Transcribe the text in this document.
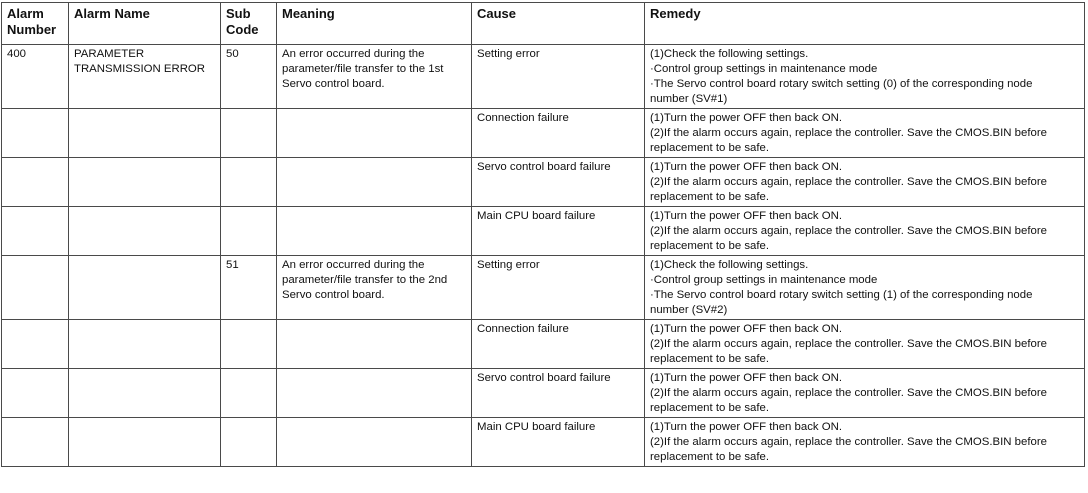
Alarm
Number	Alarm Name	Sub
Code	Meaning	Cause	Remedy
400	PARAMETER
TRANSMISSION ERROR	50	An error occurred during the
parameter/file transfer to the 1st
Servo control board.	Setting error	(1)Check the following settings.
·Control group settings in maintenance mode
·The Servo control board rotary switch setting (0) of the corresponding node
number (SV#1)

				Connection failure	(1)Turn the power OFF then back ON.
(2)If the alarm occurs again, replace the controller. Save the CMOS.BIN before
replacement to be safe.

				Servo control board failure	(1)Turn the power OFF then back ON.
(2)If the alarm occurs again, replace the controller. Save the CMOS.BIN before
replacement to be safe.

				Main CPU board failure	(1)Turn the power OFF then back ON.
(2)If the alarm occurs again, replace the controller. Save the CMOS.BIN before
replacement to be safe.

		51	An error occurred during the
parameter/file transfer to the 2nd
Servo control board.	Setting error	(1)Check the following settings.
·Control group settings in maintenance mode
·The Servo control board rotary switch setting (1) of the corresponding node
number (SV#2)

				Connection failure	(1)Turn the power OFF then back ON.
(2)If the alarm occurs again, replace the controller. Save the CMOS.BIN before
replacement to be safe.

				Servo control board failure	(1)Turn the power OFF then back ON.
(2)If the alarm occurs again, replace the controller. Save the CMOS.BIN before
replacement to be safe.

				Main CPU board failure	(1)Turn the power OFF then back ON.
(2)If the alarm occurs again, replace the controller. Save the CMOS.BIN before
replacement to be safe.
